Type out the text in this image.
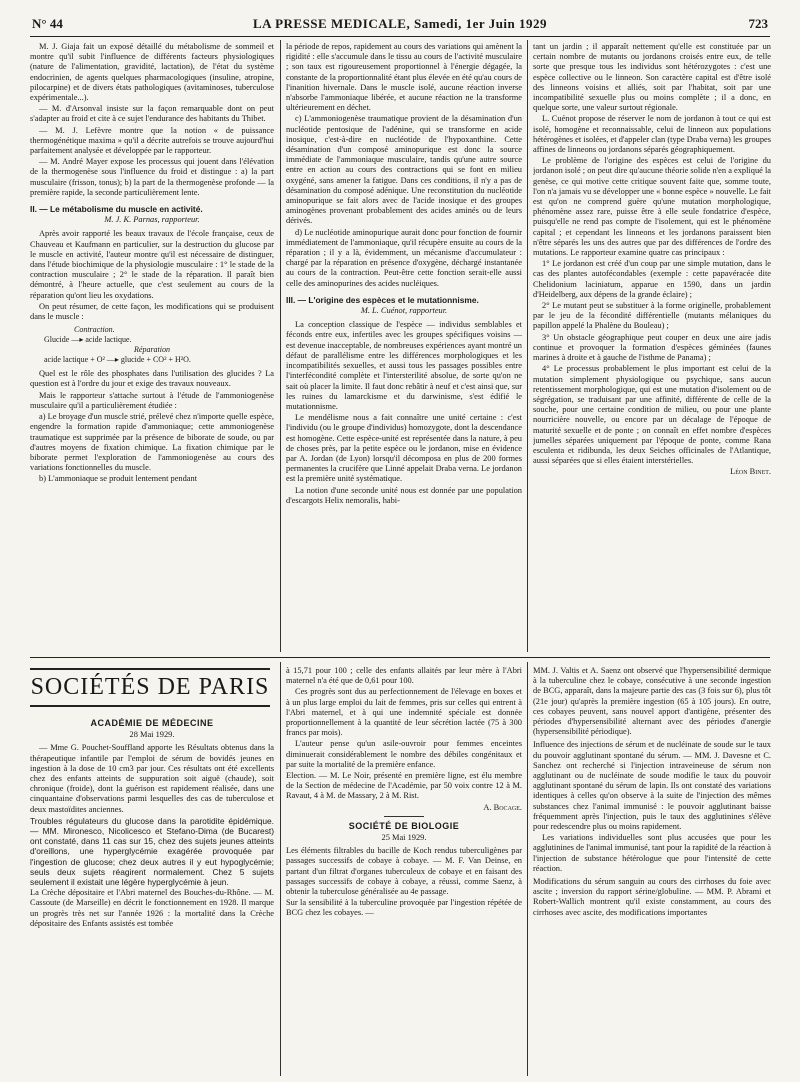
N° 44	LA PRESSE MEDICALE, Samedi, 1er Juin 1929	723

M. J. Giaja fait un exposé détaillé du métabolisme de sommeil et montre qu'il subit l'influence de différents facteurs physiologiques (nature de l'alimentation, gravidité, lactation), de l'état du système endocrinien, de agents quelques pharmacologiques (insuline, atropine, pilocarpine) et de divers états pathologiques (avitaminoses, tuberculose expérimentale...).

— M. d'Arsonval insiste sur la façon remarquable dont on peut s'adapter au froid et cite à ce sujet l'endurance des habitants du Thibet.

— M. J. Lefèvre montre que la notion « de puissance thermogénétique maxima » qu'il a décrite autrefois se trouve aujourd'hui parfaitement analysée et développée par le rapporteur.

— M. André Mayer expose les processus qui jouent dans l'élévation de la thermogenèse sous l'influence du froid et distingue : a) la part musculaire (frisson, tonus); b) la part de la thermogenèse profonde — la première rapide, la seconde particulièrement lente.

II. — Le métabolisme du muscle en activité.

M. J. K. Parnas, rapporteur.

Après avoir rapporté les beaux travaux de l'école française, ceux de Chauveau et Kaufmann en particulier, sur la destruction du glucose par le muscle en activité, l'auteur montre qu'il est nécessaire de distinguer, dans l'étude biochimique de la physiologie musculaire : 1° le stade de la contraction musculaire ; 2° le stade de la réparation. Il paraît bien démontré, à l'heure actuelle, que c'est seulement au cours de la réparation qu'ont lieu les oxydations.

On peut résumer, de cette façon, les modifications qui se produisent dans le muscle :

Contraction.
Glucide —▸ acide lactique.
Réparation
acide lactique + O² —▸ glucide + CO² + H²O.

Quel est le rôle des phosphates dans l'utilisation des glucides ? La question est à l'ordre du jour et exige des travaux nouveaux.

Mais le rapporteur s'attache surtout à l'étude de l'ammoniogenèse musculaire qu'il a particulièrement étudiée :

a) Le broyage d'un muscle strié, prélevé chez n'importe quelle espèce, engendre la formation rapide d'ammoniaque; cette ammoniogenèse traumatique est supprimée par la présence de biborate de soude, ou par d'autres moyens de fixation chimique. La fixation chimique par le biborate permet l'exploration de l'ammoniogenèse au cours des variations fonctionnelles du muscle.

b) L'ammoniaque se produit lentement pendant

la période de repos, rapidement au cours des variations qui amènent la rigidité : elle s'accumule dans le tissu au cours de l'activité musculaire ; son taux est rigoureusement proportionnel à l'énergie dégagée, la constante de la proportionnalité étant plus élevée en été qu'au cours de l'inanition hivernale. Dans le muscle isolé, aucune réaction inverse n'absorbe l'ammoniaque libérée, et aucune réaction ne la transforme ultérieurement en déchet.

c) L'ammoniogenèse traumatique provient de la désamination d'un nucléotide pentosique de l'adénine, qui se transforme en acide inosique, c'est-à-dire en nucléotide de l'hypoxanthine. Cette désamination d'un composé aminopurique est donc la source immédiate de l'ammoniaque musculaire, tandis qu'une autre source entre en action au cours des contractions qui se font en milieu oxygéné, sans amener la fatigue. Dans ces conditions, il n'y a pas de désamination du composé adénique. Une reconstitution du nucléotide aminopurique se fait alors avec de l'acide inosique et des groupes aminogènes provenant probablement des acides aminés ou de leurs dérivés.

d) Le nucléotide aminopurique aurait donc pour fonction de fournir immédiatement de l'ammoniaque, qu'il récupère ensuite au cours de la réparation ; il y a là, évidemment, un mécanisme d'accumulateur : chargé par la réparation en présence d'oxygène, déchargé instantanée au cours de la contraction. Peut-être cette fonction serait-elle aussi celle des aminopurines des acides nucléiques.

III. — L'origine des espèces et le mutationnisme.

M. L. Cuénot, rapporteur.

La conception classique de l'espèce — individus semblables et féconds entre eux, infertiles avec les groupes spécifiques voisins — est devenue inacceptable, de nombreuses expériences ayant montré un défaut de parallélisme entre les différences morphologiques et les incompatibilités sexuelles, et aussi tous les passages possibles entre l'interfécondité complète et l'intersterilité absolue, de sorte qu'on ne sait où placer la limite. Il faut donc rebâtir à neuf et c'est ainsi que, sur les ruines du lamarckisme et du darwinisme, s'est édifié le mutationnisme.

Le mendélisme nous a fait connaître une unité certaine : c'est l'individu (ou le groupe d'individus) homozygote, dont la descendance est homogène. Cette espèce-unité est représentée dans la nature, à peu de choses près, par la petite espèce ou le jordanon, mise en évidence par A. Jordan (de Lyon) lorsqu'il décomposa en plus de 200 formes permanentes la crucifère que Linné appelait Draba verna. Le jordanon est la première unité systématique.

La notion d'une seconde unité nous est donnée par une population d'escargots Helix nemoralis, habi-

tant un jardin ; il apparaît nettement qu'elle est constituée par un certain nombre de mutants ou jordanons croisés entre eux, de telle sorte que presque tous les individus sont hétérozygotes : c'est une espèce collective ou le linneon. Son caractère capital est d'être isolé des linneons voisins et alliés, soit par l'habitat, soit par une incompatibilité sexuelle plus ou moins complète ; il a donc, en quelque sorte, une valeur surtout régionale.

L. Cuénot propose de réserver le nom de jordanon à tout ce qui est isolé, homogène et reconnaissable, celui de linneon aux populations hétérogènes et isolées, et d'appeler clan (type Draba verna) les groupes affines de linneons ou jordanons séparés géographiquement.

Le problème de l'origine des espèces est celui de l'origine du jordanon isolé ; on peut dire qu'aucune théorie solide n'en a expliqué la genèse, ce qui motive cette critique souvent faite que, somme toute, l'on n'a jamais vu se développer une « bonne espèce » nouvelle. Le fait est qu'on ne comprend guère qu'une mutation morphologique, phénomène assez rare, puisse être à elle seule fondatrice d'espèce, puisqu'elle ne rend pas compte de l'isolement, qui est le phénomène capital ; et cependant les linneons et les jordanons paraissent bien n'être séparés les uns des autres que par des différences de l'ordre des mutations. Le rapporteur examine quatre cas principaux :

1° Le jordanon est créé d'un coup par une simple mutation, dans le cas des plantes autofécondables (exemple : cette papavéracée dite Chelidonium laciniatum, apparue en 1590, dans un jardin d'Heidelberg, aux dépens de la grande éclaire) ;

2° Le mutant peut se substituer à la forme originelle, probablement par le jeu de la fécondité différentielle (mutants mélaniques du papillon appelé la Phalène du Bouleau) ;

3° Un obstacle géographique peut couper en deux une aire jadis continue et provoquer la formation d'espèces géminées (faunes marines à droite et à gauche de l'isthme de Panama) ;

4° Le processus probablement le plus important est celui de la mutation simplement physiologique ou psychique, sans aucun retentissement morphologique, qui est une mutation d'isolement ou de ségrégation, se traduisant par une affinité, différente de celle de la souche, pour une certaine condition de milieu, ou pour une plante nourricière nouvelle, ou encore par un décalage de l'époque de maturité sexuelle et de ponte ; on connaît en effet nombre d'espèces jumelles séparées uniquement par l'époque de ponte, comme Rana esculenta et ridibunda, les deux Seiches officinales de l'Atlantique, aussi séparées que si elles étaient interstérielles.

Léon Binet.

SOCIÉTÉS DE PARIS

ACADÉMIE DE MÉDECINE

28 Mai 1929.

— Mme G. Pouchet-Souffland apporte les Résultats obtenus dans la thérapeutique infantile par l'emploi de sérum de bovidés jeunes en ingestion à la dose de 10 cm3 par jour. Ces résultats ont été excellents chez des enfants atteints de suppuration soit aiguë (chaude), soit chronique (froide), dont la guérison est rapidement réalisée, dans une cinquantaine d'observations parmi lesquelles des cas de tuberculose et deux mastoïdites anciennes.

Troubles régulateurs du glucose dans la parotidite épidémique. — MM. Mironesco, Nicolicesco et Stefano-Dima (de Bucarest) ont constaté, dans 11 cas sur 15, chez des sujets jeunes atteints d'oreillons, une hyperglycémie exagérée provoquée par l'ingestion de glucose; chez deux autres il y eut hypoglycémie; seuls deux sujets réagirent normalement. Chez 5 sujets seulement il existait une légère hyperglycémie à jeun.

La Crèche dépositaire et l'Abri maternel des Bouches-du-Rhône. — M. Cassoute (de Marseille) en décrit le fonctionnement en 1928. Il marque un progrès très net sur l'année 1926 : la mortalité dans la Crèche dépositaire des Enfants assistés est tombée

à 15,71 pour 100 ; celle des enfants allaités par leur mère à l'Abri maternel n'a été que de 0,61 pour 100.

Ces progrès sont dus au perfectionnement de l'élevage en boxes et à un plus large emploi du lait de femmes, pris sur celles qui entrent à l'Abri maternel, et à qui une indemnité spéciale est donnée proportionnellement à la quantité de leur sécrétion lactée (75 à 300 francs par mois).

L'auteur pense qu'un asile-ouvroir pour femmes enceintes diminuerait considérablement le nombre des débiles congénitaux et par suite la mortalité de la première enfance.

Election. — M. Le Noir, présenté en première ligne, est élu membre de la Section de médecine de l'Académie, par 50 voix contre 12 à M. Ravaut, 4 à M. de Massary, 2 à M. Rist.

A. Bocage.

SOCIÉTÉ DE BIOLOGIE

25 Mai 1929.

Les éléments filtrables du bacille de Koch rendus tuberculigènes par passages successifs de cobaye à cobaye. — M. F. Van Deinse, en partant d'un filtrat d'organes tuberculeux de cobaye et en faisant des passages successifs de cobaye à cobaye, a réussi, comme Saenz, à obtenir la tuberculose généralisée au 4e passage.

Sur la sensibilité à la tuberculine provoquée par l'ingestion répétée de BCG chez les cobayes. —

MM. J. Valtis et A. Saenz ont observé que l'hypersensibilité dermique à la tuberculine chez le cobaye, consécutive à une seconde ingestion de BCG, apparaît, dans la majeure partie des cas (3 fois sur 6), plus tôt (21e jour) qu'après la première ingestion (65 à 105 jours). En outre, ces cobayes peuvent, sans nouvel apport d'antigène, présenter des périodes d'hypersensibilité alternant avec des périodes d'anergie (hypersensibilité périodique).

Influence des injections de sérum et de nucléinate de soude sur le taux du pouvoir agglutinant spontané du sérum. — MM. J. Davesne et C. Sanchez ont recherché si l'injection intraveineuse de sérum non agglutinant ou de nucléinate de soude modifie le taux du pouvoir agglutinant spontané du sérum de lapin. Ils ont constaté des variations identiques à celles qu'on observe à la suite de l'injection des mêmes substances chez l'animal immunisé : le pouvoir agglutinant baisse fréquemment après l'injection, puis le taux des agglutinines s'élève pour redescendre plus ou moins rapidement.

Les variations individuelles sont plus accusées que pour les agglutinines de l'animal immunisé, tant pour la rapidité de la réaction à l'injection de substance hétérologue que pour l'intensité de cette réaction.

Modifications du sérum sanguin au cours des cirrhoses du foie avec ascite ; inversion du rapport sérine/globuline. — MM. P. Abrami et Robert-Wallich montrent qu'il existe constamment, au cours des cirrhoses avec ascite, des modifications importantes
